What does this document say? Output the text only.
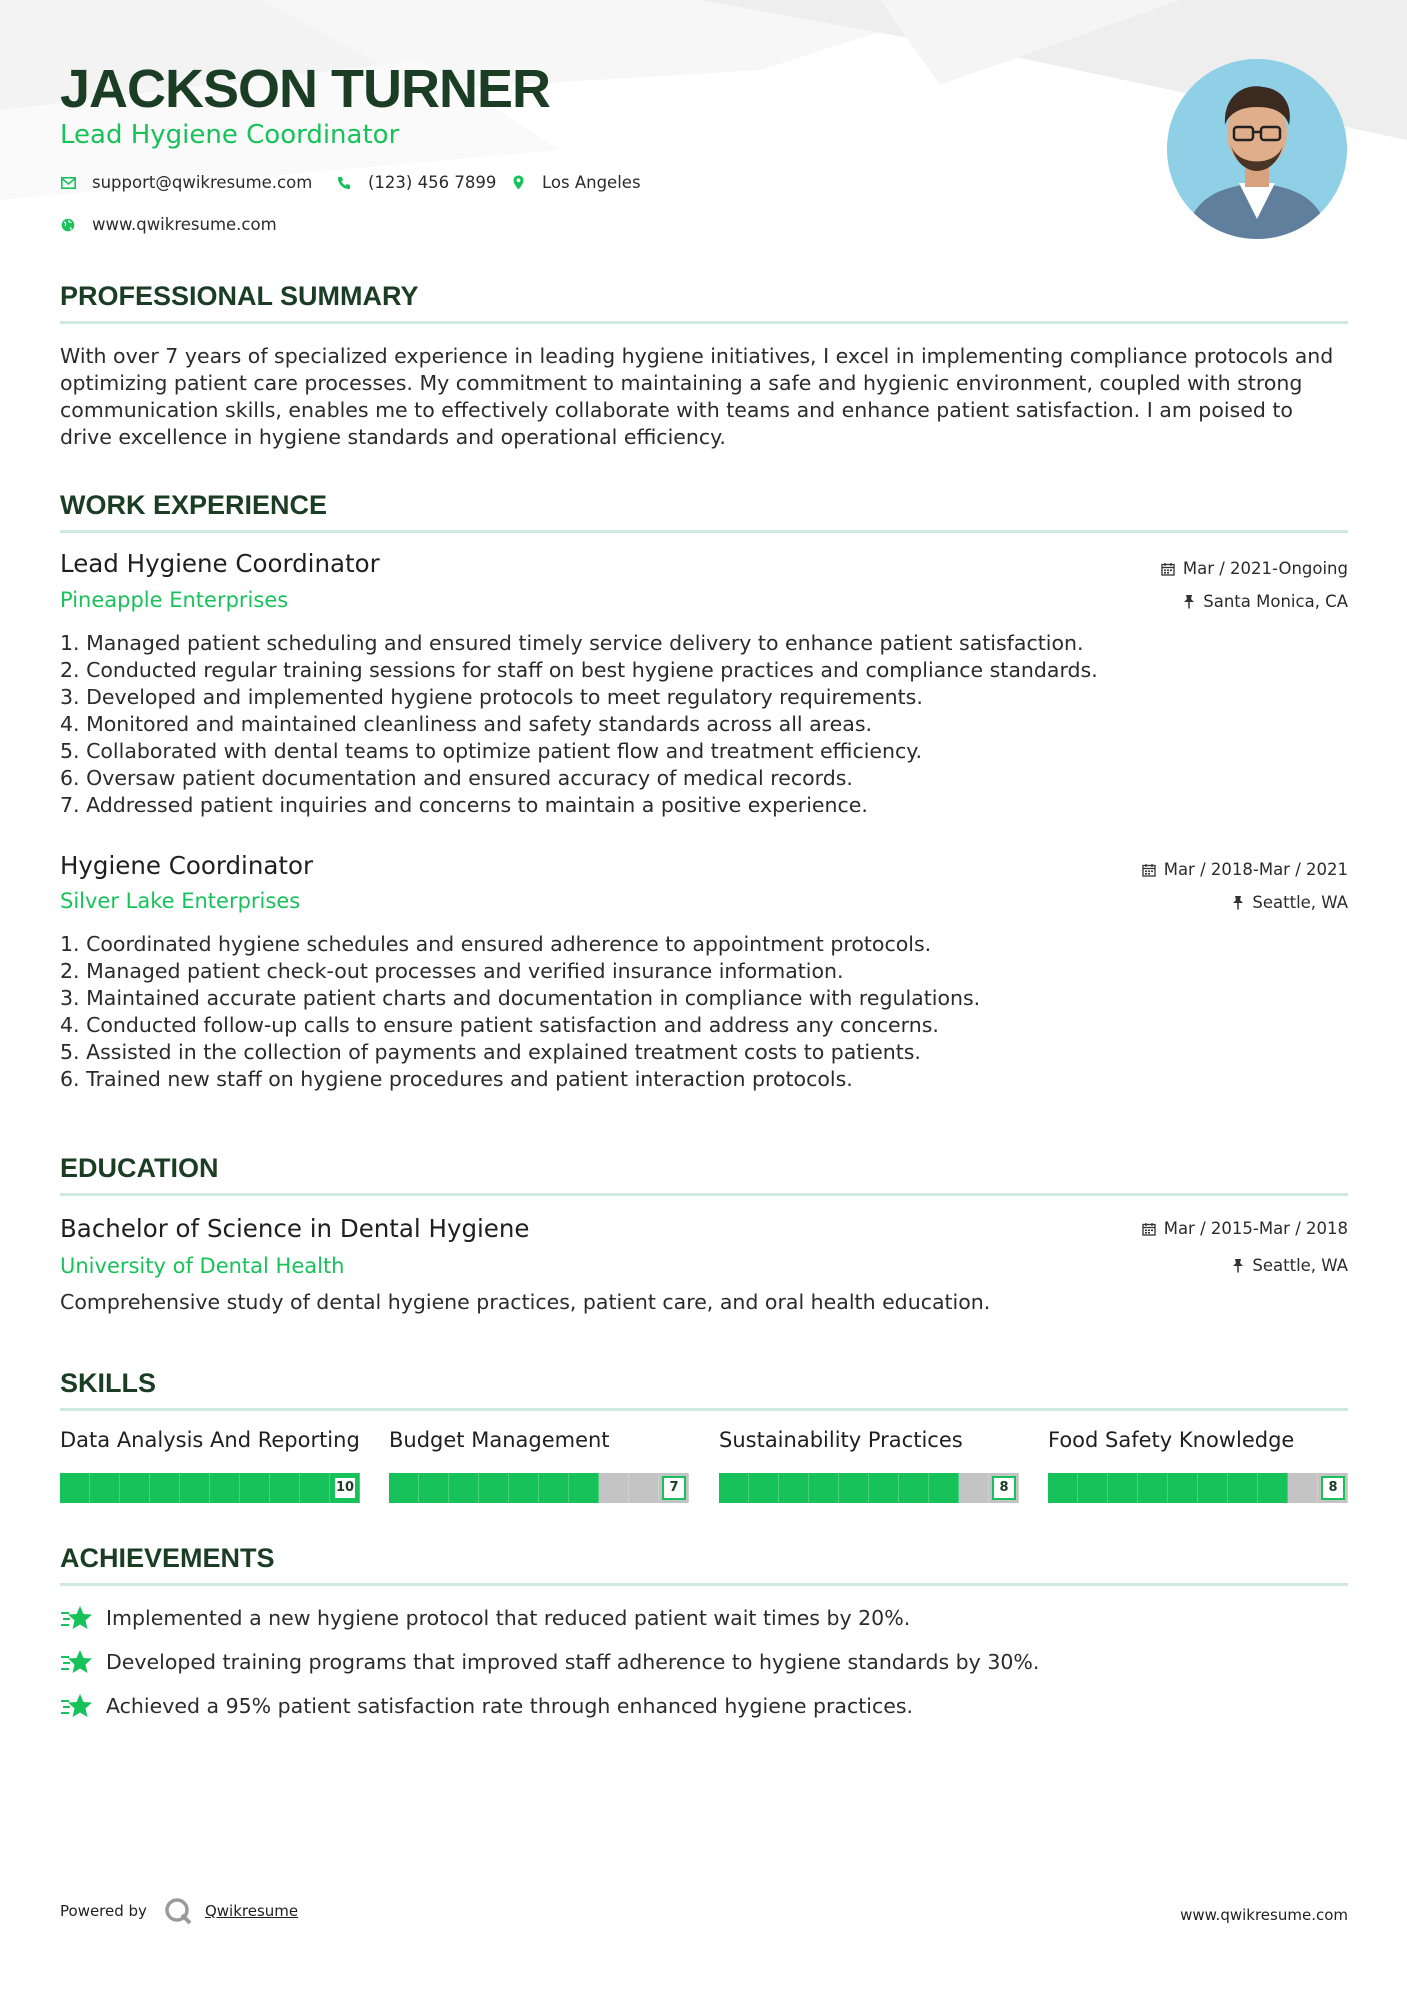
JACKSON TURNER
Lead Hygiene Coordinator
support@qwikresume.com	(123) 456 7899	Los Angeles
www.qwikresume.com
PROFESSIONAL SUMMARY
With over 7 years of specialized experience in leading hygiene initiatives, I excel in implementing compliance protocols and
optimizing patient care processes. My commitment to maintaining a safe and hygienic environment, coupled with strong
communication skills, enables me to effectively collaborate with teams and enhance patient satisfaction. I am poised to
drive excellence in hygiene standards and operational efficiency.
WORK EXPERIENCE
Lead Hygiene Coordinator
Pineapple Enterprises
Mar / 2021-Ongoing
Santa Monica, CA
1. Managed patient scheduling and ensured timely service delivery to enhance patient satisfaction.
2. Conducted regular training sessions for staff on best hygiene practices and compliance standards.
3. Developed and implemented hygiene protocols to meet regulatory requirements.
4. Monitored and maintained cleanliness and safety standards across all areas.
5. Collaborated with dental teams to optimize patient flow and treatment efficiency.
6. Oversaw patient documentation and ensured accuracy of medical records.
7. Addressed patient inquiries and concerns to maintain a positive experience.
Hygiene Coordinator
Silver Lake Enterprises
Mar / 2018-Mar / 2021
Seattle, WA
1. Coordinated hygiene schedules and ensured adherence to appointment protocols.
2. Managed patient check-out processes and verified insurance information.
3. Maintained accurate patient charts and documentation in compliance with regulations.
4. Conducted follow-up calls to ensure patient satisfaction and address any concerns.
5. Assisted in the collection of payments and explained treatment costs to patients.
6. Trained new staff on hygiene procedures and patient interaction protocols.
EDUCATION
Bachelor of Science in Dental Hygiene
University of Dental Health
Mar / 2015-Mar / 2018
Seattle, WA
Comprehensive study of dental hygiene practices, patient care, and oral health education.
SKILLS
Data Analysis And Reporting
10
Budget Management
7
Sustainability Practices
8
Food Safety Knowledge
8
ACHIEVEMENTS
Implemented a new hygiene protocol that reduced patient wait times by 20%.
Developed training programs that improved staff adherence to hygiene standards by 30%.
Achieved a 95% patient satisfaction rate through enhanced hygiene practices.
Powered by	Qwikresume	www.qwikresume.com
